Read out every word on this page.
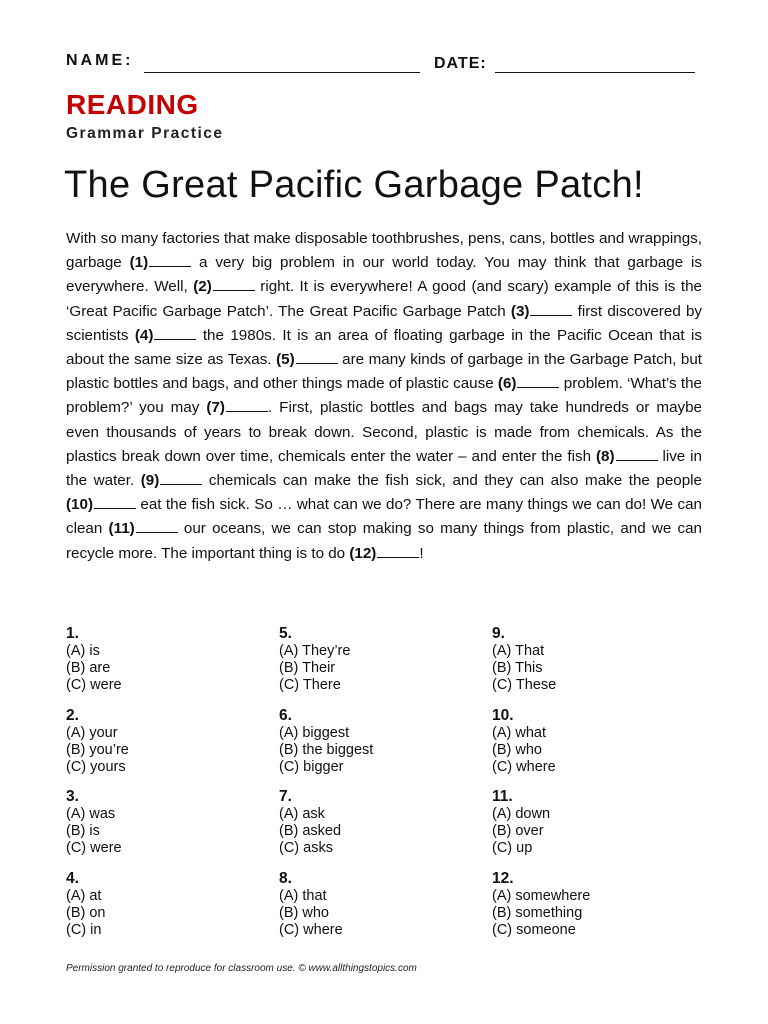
NAME:	DATE:
READING
Grammar Practice
The Great Pacific Garbage Patch!
With so many factories that make disposable toothbrushes, pens, cans, bottles and wrappings, garbage (1)	a very big problem in our world today. You may think that garbage is everywhere. Well, (2)	right. It is everywhere! A good (and scary) example of this is the ‘Great Pacific Garbage Patch’. The Great Pacific Garbage Patch (3)	first discovered by scientists (4)	the 1980s. It is an area of floating garbage in the Pacific Ocean that is about the same size as Texas. (5)	are many kinds of garbage in the Garbage Patch, but plastic bottles and bags, and other things made of plastic cause (6)	problem. ‘What’s the problem?’ you may (7)	. First, plastic bottles and bags may take hundreds or maybe even thousands of years to break down. Second, plastic is made from chemicals. As the plastics break down over time, chemicals enter the water – and enter the fish (8)	live in the water. (9)	chemicals can make the fish sick, and they can also make the people (10)	eat the fish sick. So … what can we do? There are many things we can do! We can clean (11)	our oceans, we can stop making so many things from plastic, and we can recycle more. The important thing is to do (12)	!
1.
(A) is
(B) are
(C) were
2.
(A) your
(B) you’re
(C) yours
3.
(A) was
(B) is
(C) were
4.
(A) at
(B) on
(C) in
5.
(A) They’re
(B) Their
(C) There
6.
(A) biggest
(B) the biggest
(C) bigger
7.
(A) ask
(B) asked
(C) asks
8.
(A) that
(B) who
(C) where
9.
(A) That
(B) This
(C) These
10.
(A) what
(B) who
(C) where
11.
(A) down
(B) over
(C) up
12.
(A) somewhere
(B) something
(C) someone
Permission granted to reproduce for classroom use. © www.allthingstopics.com
